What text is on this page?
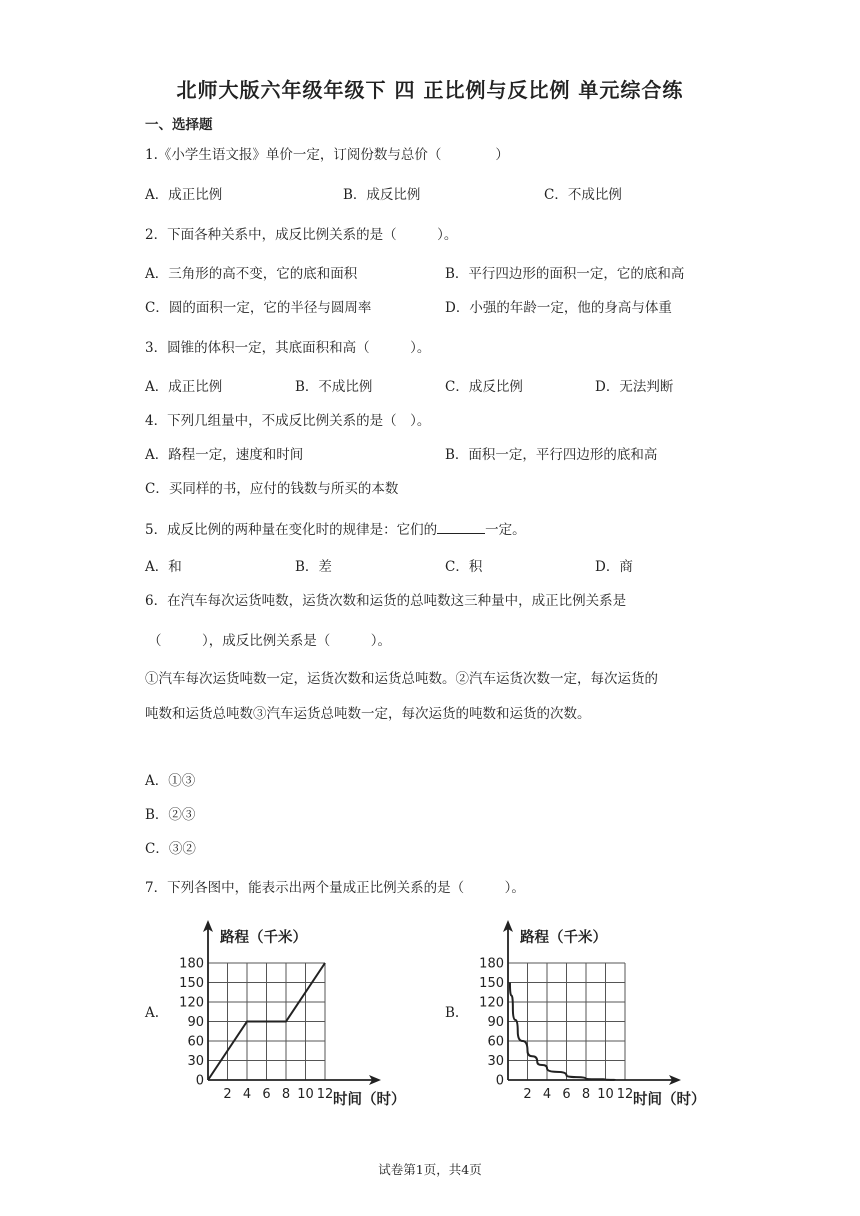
北师大版六年级年级下 四 正比例与反比例 单元综合练
一、选择题
1.《小学生语文报》单价一定，订阅份数与总价（　　　　）
A．成正比例	B．成反比例	C．不成比例
2．下面各种关系中，成反比例关系的是（　　　）。
A．三角形的高不变，它的底和面积	B．平行四边形的面积一定，它的底和高
C．圆的面积一定，它的半径与圆周率	D．小强的年龄一定，他的身高与体重
3．圆锥的体积一定，其底面积和高（　　　）。
A．成正比例	B．不成比例	C．成反比例	D．无法判断
4．下列几组量中，不成反比例关系的是（　）。
A．路程一定，速度和时间	B．面积一定，平行四边形的底和高
C．买同样的书，应付的钱数与所买的本数
5．成反比例的两种量在变化时的规律是：它们的	一定。
A．和	B．差	C．积	D．商
6．在汽车每次运货吨数，运货次数和运货的总吨数这三种量中，成正比例关系是
（　　　），成反比例关系是（　　　）。
①汽车每次运货吨数一定，运货次数和运货总吨数。②汽车运货次数一定，每次运货的
吨数和运货总吨数③汽车运货总吨数一定，每次运货的吨数和运货的次数。
A．①③
B．②③
C．③②
7．下列各图中，能表示出两个量成正比例关系的是（　　　）。
A.	B.
0
30
60
90
120
150
180
2 4 6 8 10 12
路程（千米）
时间（时）
0
30
60
90
120
150
180
2 4 6 8 10 12
路程（千米）
时间（时）
试卷第1页，共4页
